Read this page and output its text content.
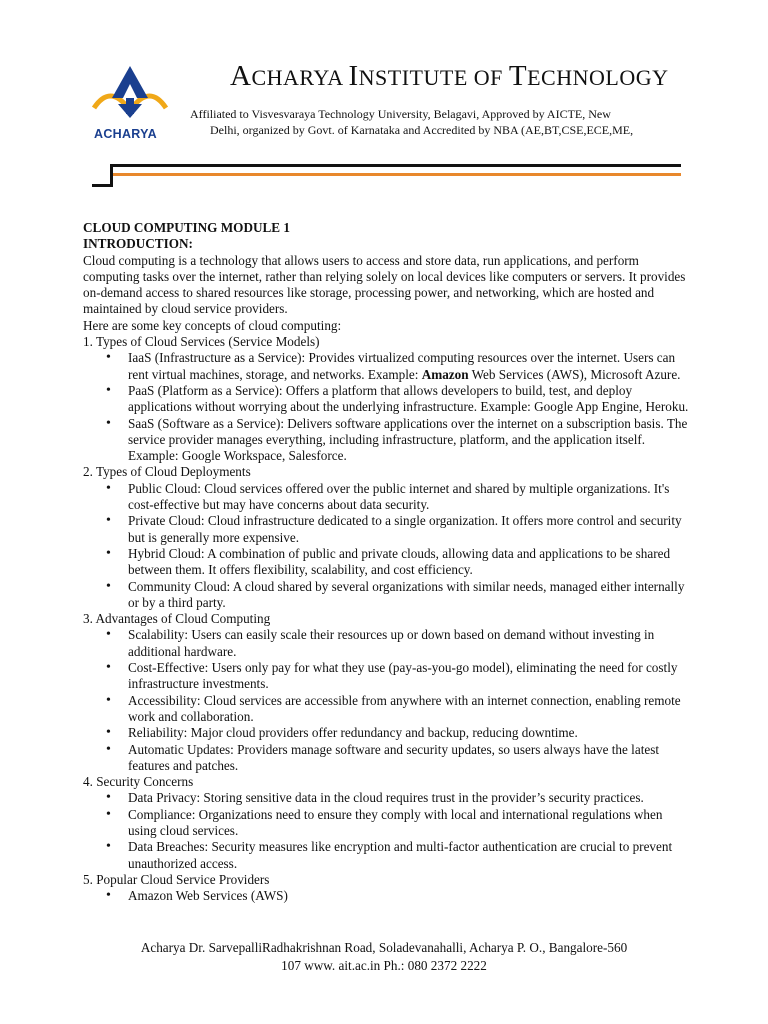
ACHARYA
ACHARYA INSTITUTE OF TECHNOLOGY
Affiliated to Visvesvaraya Technology University, Belagavi, Approved by AICTE, New
Delhi, organized by Govt. of Karnataka and Accredited by NBA (AE,BT,CSE,ECE,ME,

CLOUD COMPUTING MODULE 1

INTRODUCTION:

Cloud computing is a technology that allows users to access and store data, run applications, and perform computing tasks over the internet, rather than relying solely on local devices like computers or servers. It provides on-demand access to shared resources like storage, processing power, and networking, which are hosted and maintained by cloud service providers.

Here are some key concepts of cloud computing:

1. Types of Cloud Services (Service Models)

• IaaS (Infrastructure as a Service): Provides virtualized computing resources over the internet. Users can rent virtual machines, storage, and networks. Example: Amazon Web Services (AWS), Microsoft Azure.
• PaaS (Platform as a Service): Offers a platform that allows developers to build, test, and deploy applications without worrying about the underlying infrastructure. Example: Google App Engine, Heroku.
• SaaS (Software as a Service): Delivers software applications over the internet on a subscription basis. The service provider manages everything, including infrastructure, platform, and the application itself. Example: Google Workspace, Salesforce.

2. Types of Cloud Deployments

• Public Cloud: Cloud services offered over the public internet and shared by multiple organizations. It's cost-effective but may have concerns about data security.
• Private Cloud: Cloud infrastructure dedicated to a single organization. It offers more control and security but is generally more expensive.
• Hybrid Cloud: A combination of public and private clouds, allowing data and applications to be shared between them. It offers flexibility, scalability, and cost efficiency.
• Community Cloud: A cloud shared by several organizations with similar needs, managed either internally or by a third party.

3. Advantages of Cloud Computing

• Scalability: Users can easily scale their resources up or down based on demand without investing in additional hardware.
• Cost-Effective: Users only pay for what they use (pay-as-you-go model), eliminating the need for costly infrastructure investments.
• Accessibility: Cloud services are accessible from anywhere with an internet connection, enabling remote work and collaboration.
• Reliability: Major cloud providers offer redundancy and backup, reducing downtime.
• Automatic Updates: Providers manage software and security updates, so users always have the latest features and patches.

4. Security Concerns

• Data Privacy: Storing sensitive data in the cloud requires trust in the provider’s security practices.
• Compliance: Organizations need to ensure they comply with local and international regulations when using cloud services.
• Data Breaches: Security measures like encryption and multi-factor authentication are crucial to prevent unauthorized access.

5. Popular Cloud Service Providers

• Amazon Web Services (AWS)
Acharya Dr. SarvepalliRadhakrishnan Road, Soladevanahalli, Acharya P. O., Bangalore-560
107 www. ait.ac.in Ph.: 080 2372 2222
